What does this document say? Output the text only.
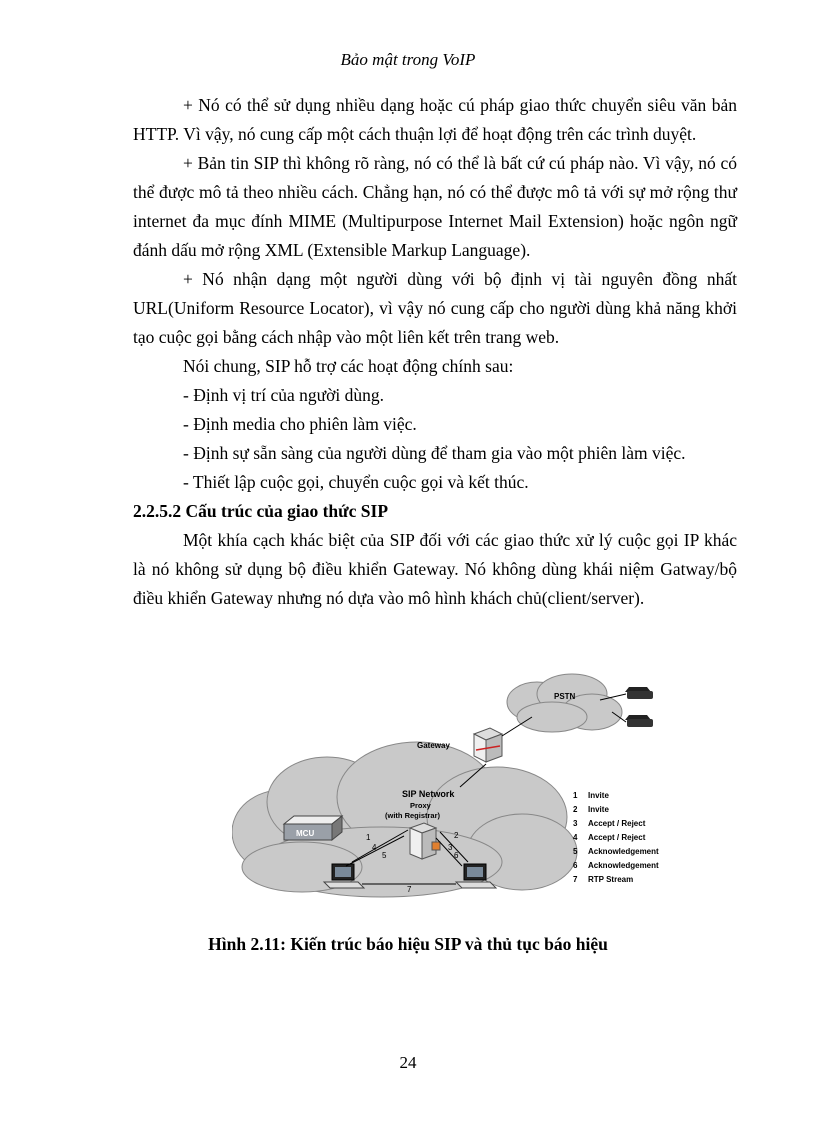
Bảo mật trong VoIP

+ Nó có thể sử dụng nhiều dạng hoặc cú pháp giao thức chuyển siêu văn bản HTTP. Vì vậy, nó cung cấp một cách thuận lợi để hoạt động trên các trình duyệt.

+ Bản tin SIP thì không rõ ràng, nó có thể là bất cứ cú pháp nào. Vì vậy, nó có thể được mô tả theo nhiều cách. Chẳng hạn, nó có thể được mô tả với sự mở rộng thư internet đa mục đính MIME (Multipurpose Internet Mail Extension) hoặc ngôn ngữ đánh dấu mở rộng XML (Extensible Markup Language).

+ Nó nhận dạng một người dùng với bộ định vị tài nguyên đồng nhất URL(Uniform Resource Locator), vì vậy nó cung cấp cho người dùng khả năng khởi tạo cuộc gọi bằng cách nhập vào một liên kết trên trang web.

Nói chung, SIP hỗ trợ các hoạt động chính sau:

- Định vị trí của người dùng.

- Định media cho phiên làm việc.

- Định sự sẵn sàng của người dùng để tham gia vào một phiên làm việc.

- Thiết lập cuộc gọi, chuyển cuộc gọi và kết thúc.

2.2.5.2 Cấu trúc của giao thức SIP

Một khía cạch khác biệt của SIP đối với các giao thức xử lý cuộc gọi IP khác là nó không sử dụng bộ điều khiển Gateway. Nó không dùng khái niệm Gatway/bộ điều khiển Gateway nhưng nó dựa vào mô hình khách chủ(client/server).

PSTN
Gateway
SIP Network
Proxy
(with Registrar)
MCU	1
4
5
2
3
6
7
1 Invite
2 Invite
3 Accept / Reject
4 Accept / Reject
5 Acknowledgement
6 Acknowledgement
7 RTP Stream
Hình 2.11: Kiến trúc báo hiệu SIP và thủ tục báo hiệu
24
